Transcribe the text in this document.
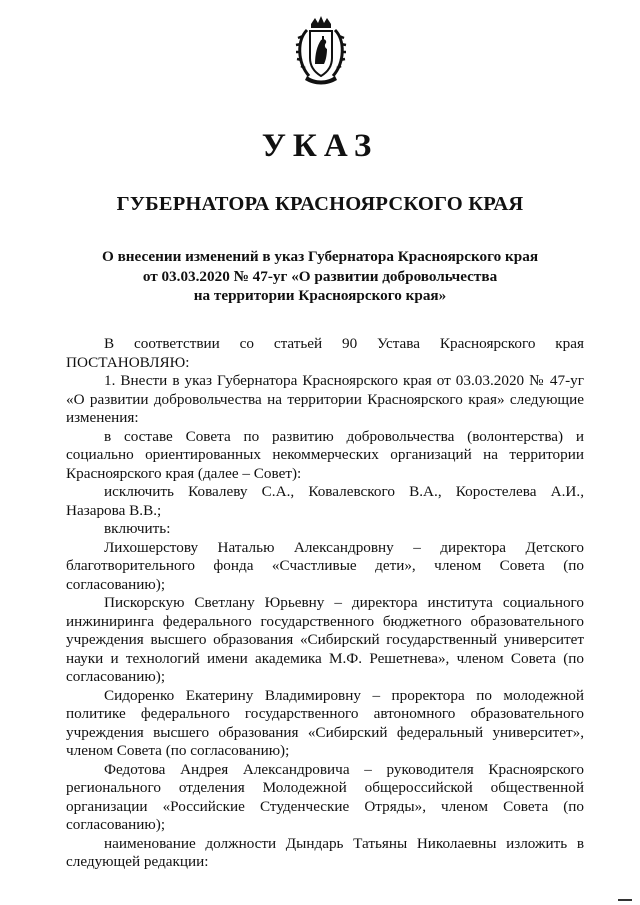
УКАЗ
ГУБЕРНАТОРА КРАСНОЯРСКОГО КРАЯ
О внесении изменений в указ Губернатора Красноярского края
от 03.03.2020 № 47-уг «О развитии добровольчества
на территории Красноярского края»

В соответствии со статьей 90 Устава Красноярского края

ПОСТАНОВЛЯЮ:

1. Внести в указ Губернатора Красноярского края от 03.03.2020 № 47-уг «О развитии добровольчества на территории Красноярского края» следующие изменения:

в составе Совета по развитию добровольчества (волонтерства) и социально ориентированных некоммерческих организаций на территории Красноярского края (далее – Совет):

исключить Ковалеву С.А., Ковалевского В.А., Коростелева А.И., Назарова В.В.;

включить:

Лихошерстову Наталью Александровну – директора Детского благотворительного фонда «Счастливые дети», членом Совета (по согласованию);

Пискорскую Светлану Юрьевну – директора института социального инжиниринга федерального государственного бюджетного образовательного учреждения высшего образования «Сибирский государственный университет науки и технологий имени академика М.Ф. Решетнева», членом Совета (по согласованию);

Сидоренко Екатерину Владимировну – проректора по молодежной политике федерального государственного автономного образовательного учреждения высшего образования «Сибирский федеральный университет», членом Совета (по согласованию);

Федотова Андрея Александровича – руководителя Красноярского регионального отделения Молодежной общероссийской общественной организации «Российские Студенческие Отряды», членом Совета (по согласованию);

наименование должности Дындарь Татьяны Николаевны изложить в следующей редакции:
